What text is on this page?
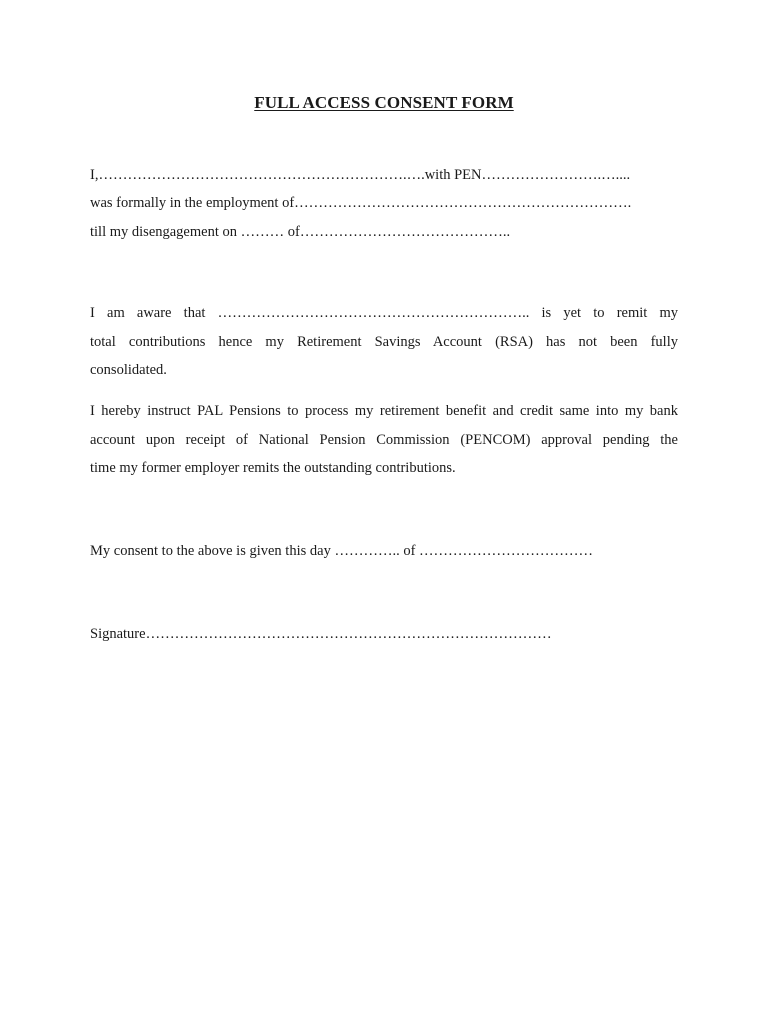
FULL ACCESS CONSENT FORM
I,……………………………………………………….….with PEN…………………….…....
was formally in the employment of…………………………………………………………….
till my disengagement on ……… of……………………………………..
I am aware that ……………………………………………………….. is yet to remit my
total contributions hence my Retirement Savings Account (RSA) has not been fully
consolidated.
I hereby instruct PAL Pensions to process my retirement benefit and credit same into my bank
account upon receipt of National Pension Commission (PENCOM) approval pending the
time my former employer remits the outstanding contributions.
My consent to the above is given this day ………….. of ………………………………
Signature…………………………………………………………………………
